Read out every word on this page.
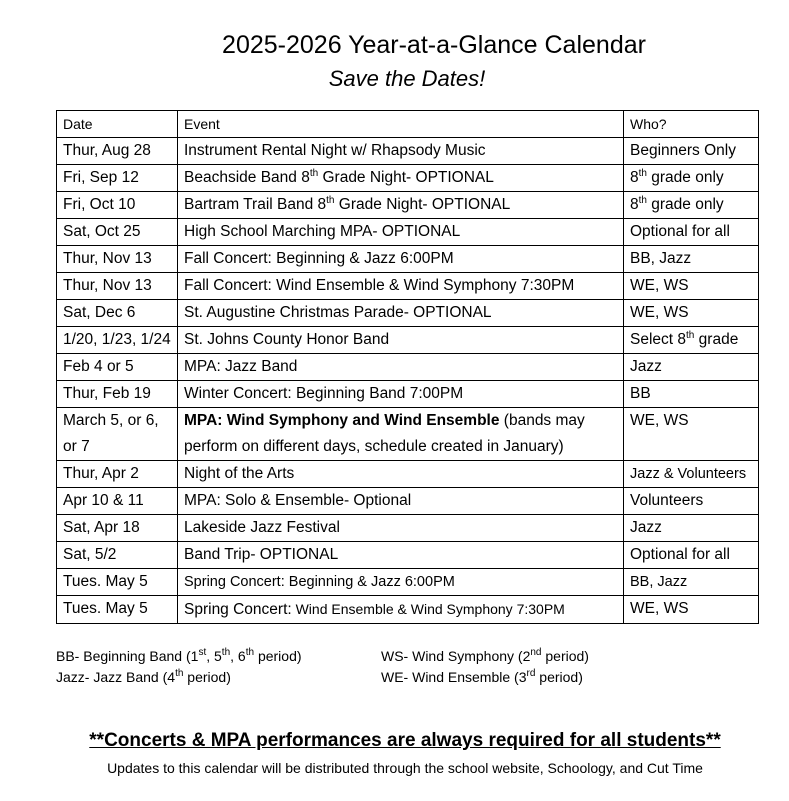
2025-2026 Year-at-a-Glance Calendar
Save the Dates!
Date	Event	Who?
Thur, Aug 28	Instrument Rental Night w/ Rhapsody Music	Beginners Only
Fri, Sep 12	Beachside Band 8th Grade Night- OPTIONAL	8th grade only
Fri, Oct 10	Bartram Trail Band 8th Grade Night- OPTIONAL	8th grade only
Sat, Oct 25	High School Marching MPA- OPTIONAL	Optional for all
Thur, Nov 13	Fall Concert: Beginning & Jazz 6:00PM	BB, Jazz
Thur, Nov 13	Fall Concert: Wind Ensemble & Wind Symphony 7:30PM	WE, WS
Sat, Dec 6	St. Augustine Christmas Parade- OPTIONAL	WE, WS
1/20, 1/23, 1/24	St. Johns County Honor Band	Select 8th grade
Feb 4 or 5	MPA: Jazz Band	Jazz
Thur, Feb 19	Winter Concert: Beginning Band 7:00PM	BB
March 5, or 6, or 7	MPA: Wind Symphony and Wind Ensemble (bands may perform on different days, schedule created in January)	WE, WS
Thur, Apr 2	Night of the Arts	Jazz & Volunteers
Apr 10 & 11	MPA: Solo & Ensemble- Optional	Volunteers
Sat, Apr 18	Lakeside Jazz Festival	Jazz
Sat, 5/2	Band Trip- OPTIONAL	Optional for all
Tues. May 5	Spring Concert: Beginning & Jazz 6:00PM	BB, Jazz
Tues. May 5	Spring Concert: Wind Ensemble & Wind Symphony 7:30PM	WE, WS
BB- Beginning Band (1st, 5th, 6th period)
Jazz- Jazz Band (4th period)
WS- Wind Symphony (2nd period)
WE- Wind Ensemble (3rd period)
**Concerts & MPA performances are always required for all students**
Updates to this calendar will be distributed through the school website, Schoology, and Cut Time
